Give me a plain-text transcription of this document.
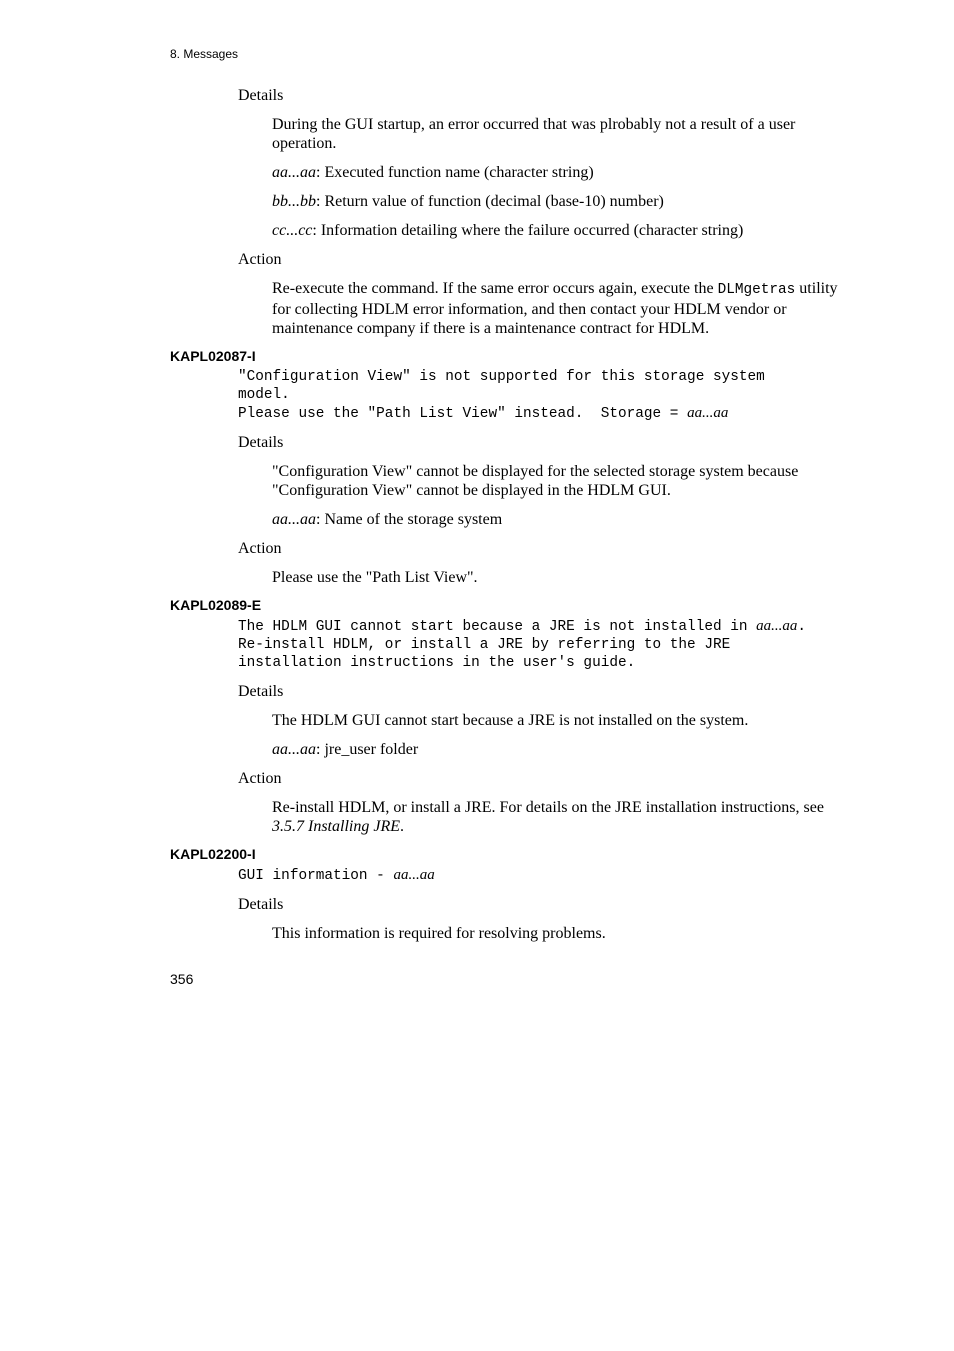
8. Messages
Details
During the GUI startup, an error occurred that was plrobably not a result of a user operation.
aa...aa: Executed function name (character string)
bb...bb: Return value of function (decimal (base-10) number)
cc...cc: Information detailing where the failure occurred (character string)
Action
Re-execute the command. If the same error occurs again, execute the DLMgetras utility for collecting HDLM error information, and then contact your HDLM vendor or maintenance company if there is a maintenance contract for HDLM.
KAPL02087-I
"Configuration View" is not supported for this storage system
model.
Please use the "Path List View" instead.  Storage = aa...aa
Details
"Configuration View" cannot be displayed for the selected storage system because "Configuration View" cannot be displayed in the HDLM GUI.
aa...aa: Name of the storage system
Action
Please use the "Path List View".
KAPL02089-E
The HDLM GUI cannot start because a JRE is not installed in aa...aa.
Re-install HDLM, or install a JRE by referring to the JRE
installation instructions in the user's guide.
Details
The HDLM GUI cannot start because a JRE is not installed on the system.
aa...aa: jre_user folder
Action
Re-install HDLM, or install a JRE. For details on the JRE installation instructions, see 3.5.7 Installing JRE.
KAPL02200-I
GUI information - aa...aa
Details
This information is required for resolving problems.
356
